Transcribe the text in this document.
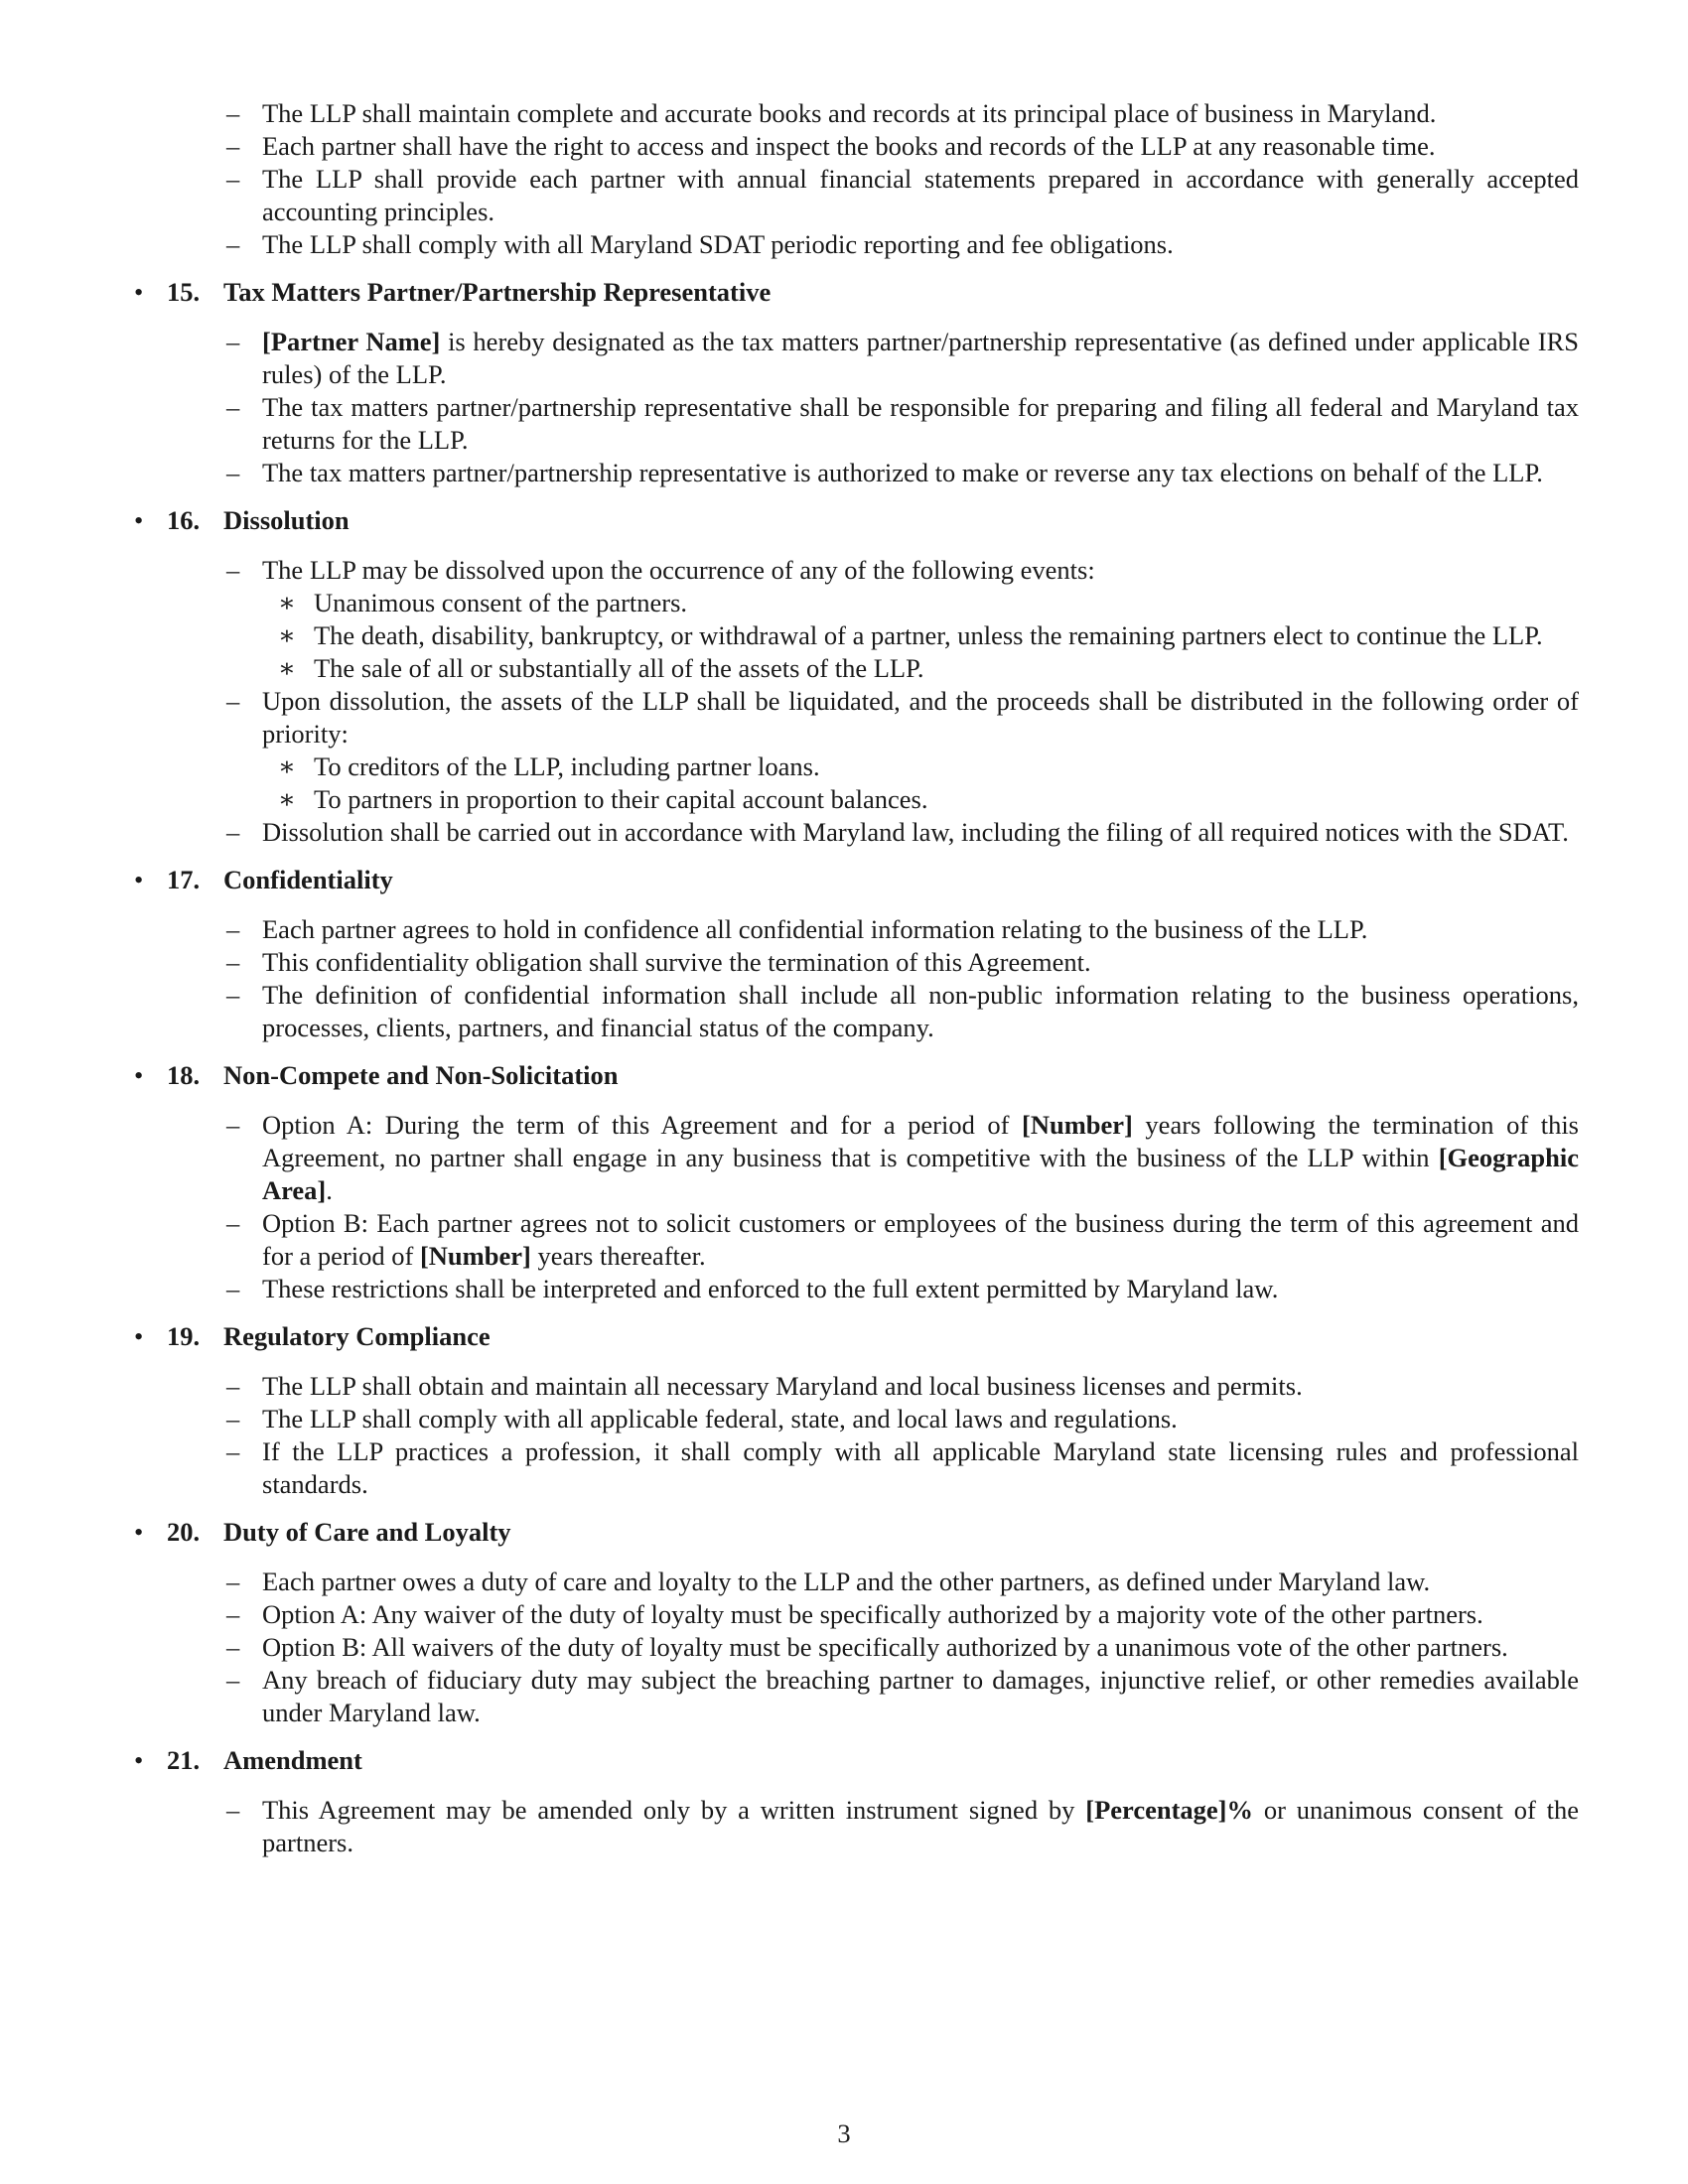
– The LLP shall maintain complete and accurate books and records at its principal place of business in Maryland.
– Each partner shall have the right to access and inspect the books and records of the LLP at any reasonable time.
– The LLP shall provide each partner with annual financial statements prepared in accordance with generally accepted accounting principles.
– The LLP shall comply with all Maryland SDAT periodic reporting and fee obligations.
• 15. Tax Matters Partner/Partnership Representative
– [Partner Name] is hereby designated as the tax matters partner/partnership representative (as defined under applicable IRS rules) of the LLP.
– The tax matters partner/partnership representative shall be responsible for preparing and filing all federal and Maryland tax returns for the LLP.
– The tax matters partner/partnership representative is authorized to make or reverse any tax elections on behalf of the LLP.
• 16. Dissolution
– The LLP may be dissolved upon the occurrence of any of the following events:
∗ Unanimous consent of the partners.
∗ The death, disability, bankruptcy, or withdrawal of a partner, unless the remaining partners elect to continue the LLP.
∗ The sale of all or substantially all of the assets of the LLP.
– Upon dissolution, the assets of the LLP shall be liquidated, and the proceeds shall be distributed in the following order of priority:
∗ To creditors of the LLP, including partner loans.
∗ To partners in proportion to their capital account balances.
– Dissolution shall be carried out in accordance with Maryland law, including the filing of all required notices with the SDAT.
• 17. Confidentiality
– Each partner agrees to hold in confidence all confidential information relating to the business of the LLP.
– This confidentiality obligation shall survive the termination of this Agreement.
– The definition of confidential information shall include all non-public information relating to the business operations, processes, clients, partners, and financial status of the company.
• 18. Non-Compete and Non-Solicitation
– Option A: During the term of this Agreement and for a period of [Number] years following the termination of this Agreement, no partner shall engage in any business that is competitive with the business of the LLP within [Geographic Area].
– Option B: Each partner agrees not to solicit customers or employees of the business during the term of this agreement and for a period of [Number] years thereafter.
– These restrictions shall be interpreted and enforced to the full extent permitted by Maryland law.
• 19. Regulatory Compliance
– The LLP shall obtain and maintain all necessary Maryland and local business licenses and permits.
– The LLP shall comply with all applicable federal, state, and local laws and regulations.
– If the LLP practices a profession, it shall comply with all applicable Maryland state licensing rules and professional standards.
• 20. Duty of Care and Loyalty
– Each partner owes a duty of care and loyalty to the LLP and the other partners, as defined under Maryland law.
– Option A: Any waiver of the duty of loyalty must be specifically authorized by a majority vote of the other partners.
– Option B: All waivers of the duty of loyalty must be specifically authorized by a unanimous vote of the other partners.
– Any breach of fiduciary duty may subject the breaching partner to damages, injunctive relief, or other remedies available under Maryland law.
• 21. Amendment
– This Agreement may be amended only by a written instrument signed by [Percentage]% or unanimous consent of the partners.
3
